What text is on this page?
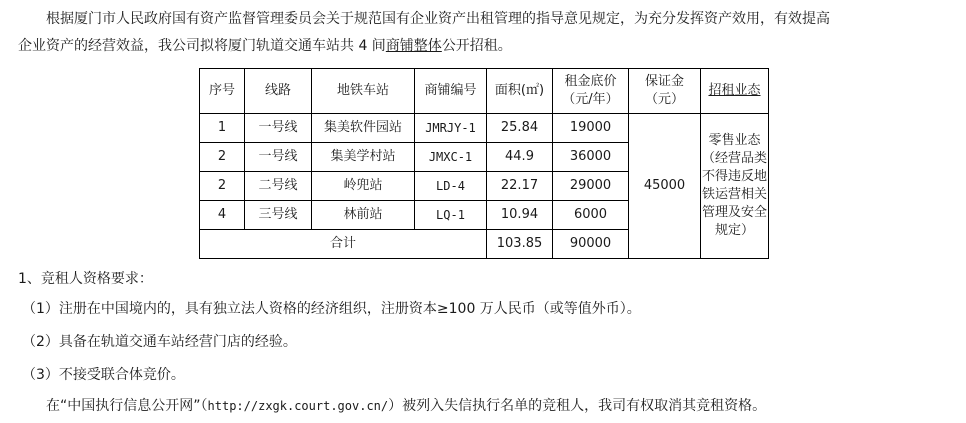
根据厦门市人民政府国有资产监督管理委员会关于规范国有企业资产出租管理的指导意见规定，为充分发挥资产效用，有效提高
企业资产的经营效益，我公司拟将厦门轨道交通车站共 4 间商铺整体公开招租。

序号	线路	地铁车站	商铺编号	面积(㎡)	租金底价（元/年）	保证金（元）	招租业态
1	一号线	集美软件园站	JMRJY-1	25.84	19000	45000	零售业态（经营品类不得违反地铁运营相关管理及安全规定）
2	一号线	集美学村站	JMXC-1	44.9	36000		
2	二号线	岭兜站	LD-4	22.17	29000		
4	三号线	林前站	LQ-1	10.94	6000		
合计				103.85	90000		

1、竞租人资格要求：

（1）注册在中国境内的，具有独立法人资格的经济组织，注册资本≥100 万人民币（或等值外币）。

（2）具备在轨道交通车站经营门店的经验。

（3）不接受联合体竞价。

在“中国执行信息公开网”（http://zxgk.court.gov.cn/）被列入失信执行名单的竞租人，我司有权取消其竞租资格。
